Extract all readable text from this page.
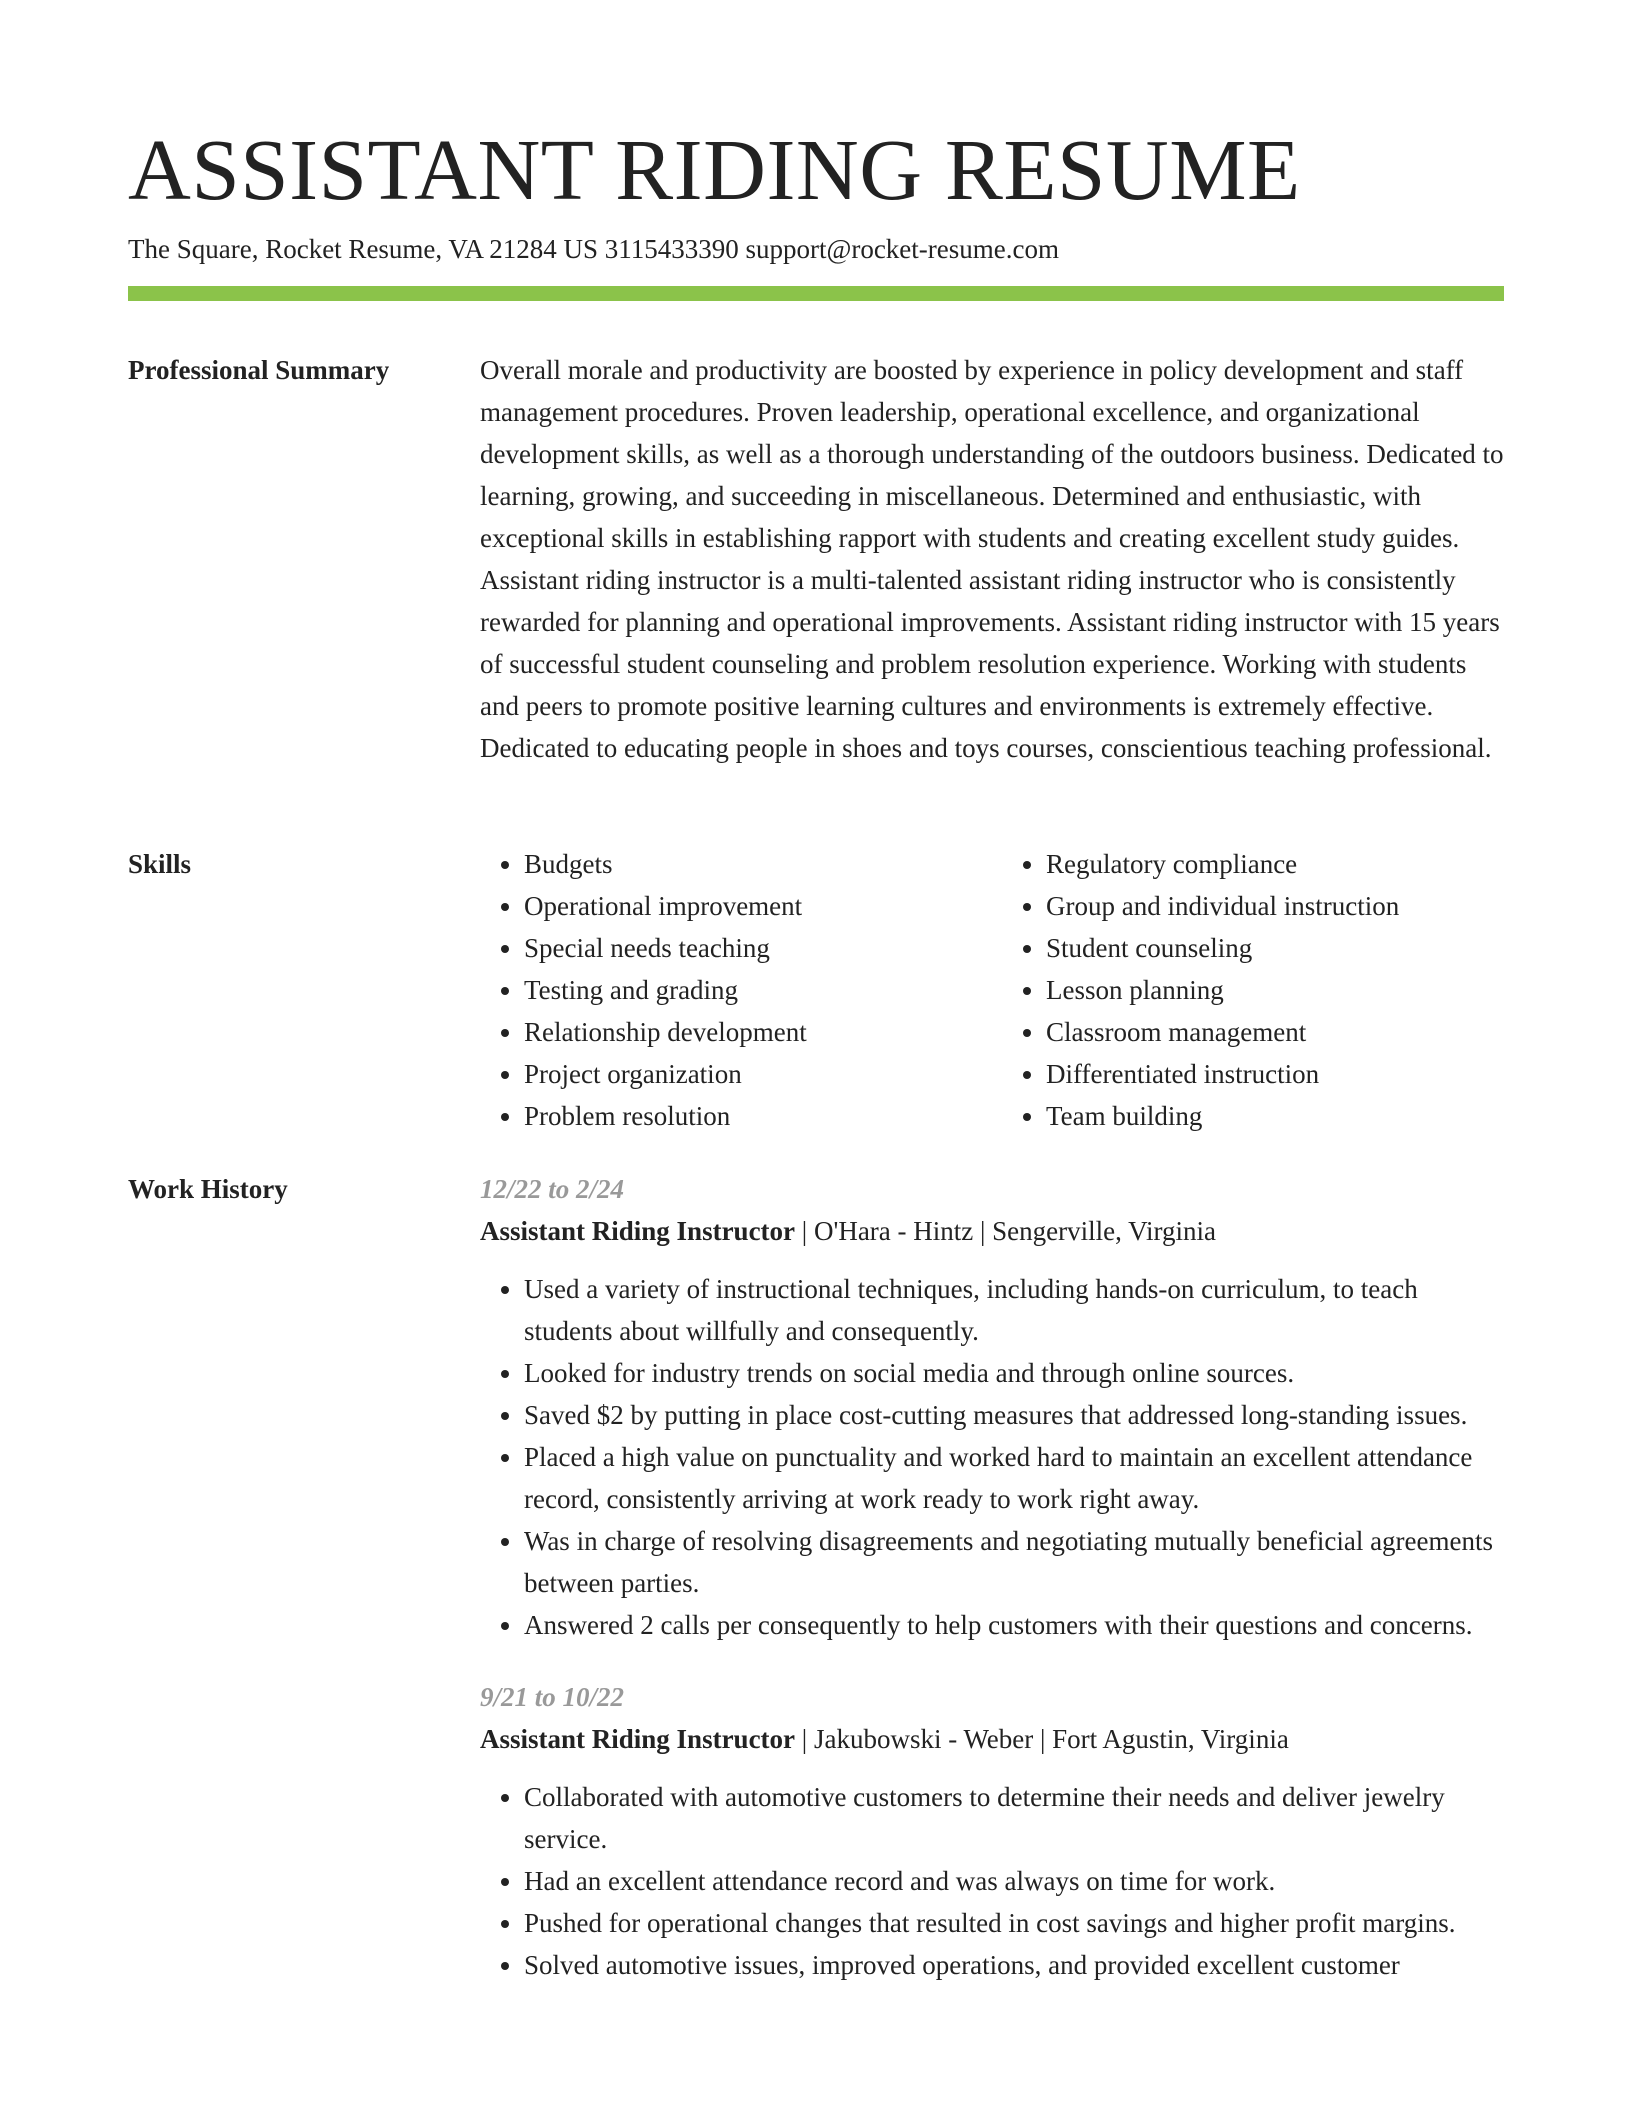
ASSISTANT RIDING RESUME
The Square, Rocket Resume, VA 21284 US 3115433390 support@rocket-resume.com
Professional Summary	Overall morale and productivity are boosted by experience in policy development and staff management procedures. Proven leadership, operational excellence, and organizational development skills, as well as a thorough understanding of the outdoors business. Dedicated to learning, growing, and succeeding in miscellaneous. Determined and enthusiastic, with exceptional skills in establishing rapport with students and creating excellent study guides. Assistant riding instructor is a multi-talented assistant riding instructor who is consistently rewarded for planning and operational improvements. Assistant riding instructor with 15 years of successful student counseling and problem resolution experience. Working with students and peers to promote positive learning cultures and environments is extremely effective. Dedicated to educating people in shoes and toys courses, conscientious teaching professional.

Skills
•	Budgets
• Operational improvement
• Special needs teaching
• Testing and grading
• Relationship development
• Project organization
• Problem resolution
• Regulatory compliance
• Group and individual instruction
• Student counseling
• Lesson planning
• Classroom management
• Differentiated instruction
• Team building
Work History	12/22 to 2/24
Assistant Riding Instructor | O'Hara - Hintz | Sengerville, Virginia
• Used a variety of instructional techniques, including hands-on curriculum, to teach students about willfully and consequently.
• Looked for industry trends on social media and through online sources.
• Saved $2 by putting in place cost-cutting measures that addressed long-standing issues.
• Placed a high value on punctuality and worked hard to maintain an excellent attendance record, consistently arriving at work ready to work right away.
• Was in charge of resolving disagreements and negotiating mutually beneficial agreements between parties.
• Answered 2 calls per consequently to help customers with their questions and concerns.
9/21 to 10/22
Assistant Riding Instructor | Jakubowski - Weber | Fort Agustin, Virginia
• Collaborated with automotive customers to determine their needs and deliver jewelry service.
• Had an excellent attendance record and was always on time for work.
• Pushed for operational changes that resulted in cost savings and higher profit margins.
• Solved automotive issues, improved operations, and provided excellent customer
